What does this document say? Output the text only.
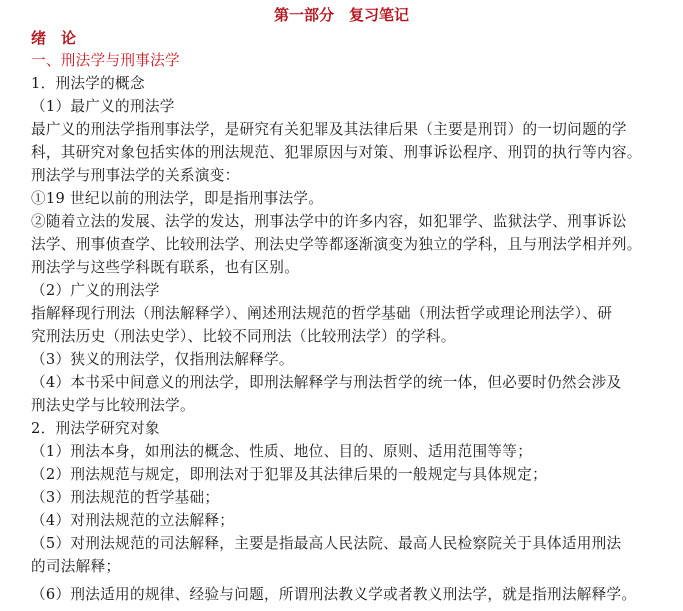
第一部分　复习笔记
绪　论
一、刑法学与刑事法学
1．刑法学的概念
（1）最广义的刑法学
最广义的刑法学指刑事法学，是研究有关犯罪及其法律后果（主要是刑罚）的一切问题的学
科，其研究对象包括实体的刑法规范、犯罪原因与对策、刑事诉讼程序、刑罚的执行等内容。
刑法学与刑事法学的关系演变：
①19 世纪以前的刑法学，即是指刑事法学。
②随着立法的发展、法学的发达，刑事法学中的许多内容，如犯罪学、监狱法学、刑事诉讼
法学、刑事侦查学、比较刑法学、刑法史学等都逐渐演变为独立的学科，且与刑法学相并列。
刑法学与这些学科既有联系，也有区别。
（2）广义的刑法学
指解释现行刑法（刑法解释学）、阐述刑法规范的哲学基础（刑法哲学或理论刑法学）、研
究刑法历史（刑法史学）、比较不同刑法（比较刑法学）的学科。
（3）狭义的刑法学，仅指刑法解释学。
（4）本书采中间意义的刑法学，即刑法解释学与刑法哲学的统一体，但必要时仍然会涉及
刑法史学与比较刑法学。
2．刑法学研究对象
（1）刑法本身，如刑法的概念、性质、地位、目的、原则、适用范围等等；
（2）刑法规范与规定，即刑法对于犯罪及其法律后果的一般规定与具体规定；
（3）刑法规范的哲学基础；
（4）对刑法规范的立法解释；
（5）对刑法规范的司法解释，主要是指最高人民法院、最高人民检察院关于具体适用刑法
的司法解释；
（6）刑法适用的规律、经验与问题，所谓刑法教义学或者教义刑法学，就是指刑法解释学。
